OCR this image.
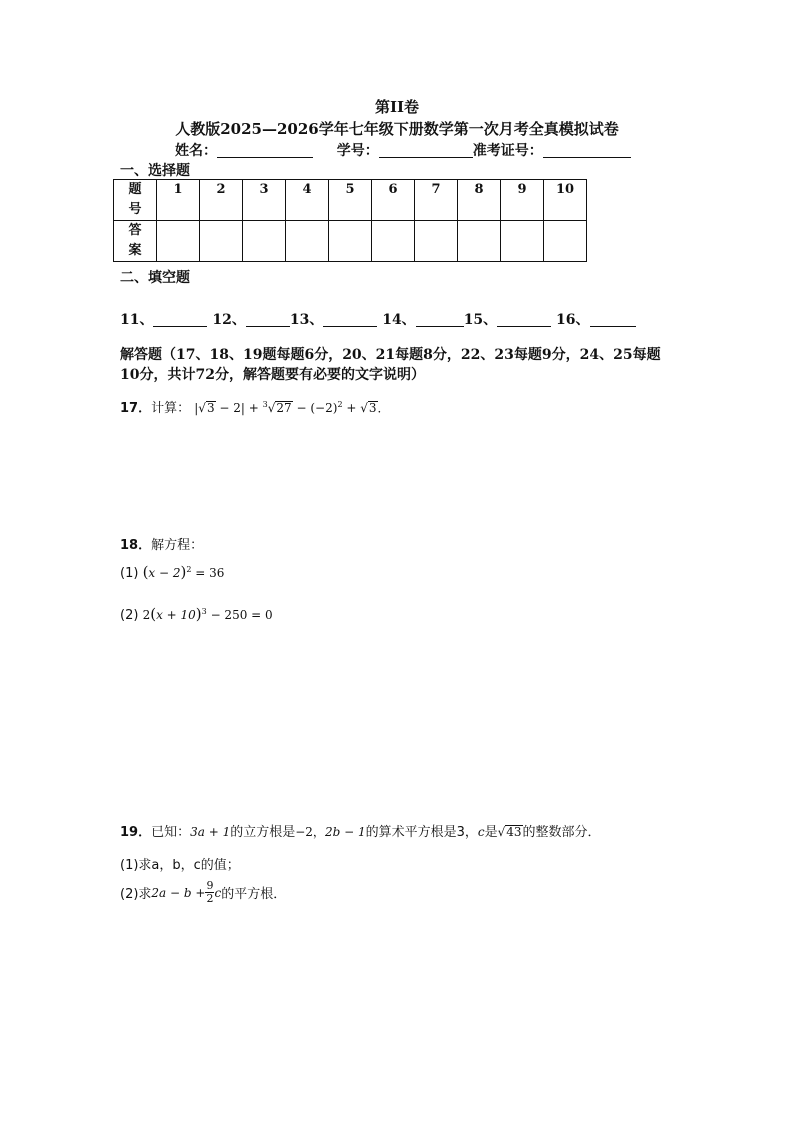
第II卷
人教版2025—2026学年七年级下册数学第一次月考全真模拟试卷
姓名：	学号：	准考证号：
一、选择题
题
号	1	2	3	4	5	6	7	8	9	10
答
案										
二、填空题
11、	12、	13、	14、	15、	16、
解答题（17、18、19题每题6分，20、21每题8分，22、23每题9分，24、25每题10分，共计72分，解答题要有必要的文字说明）
17．计算： $|√3 - 2| + ^3√27 - (-2)^2 + √3$．
18．解方程：
(1) $(x - 2)^2 = 36$
(2) $2(x + 10)^3 - 250 = 0$
19．已知：3a + 1的立方根是−2，2b − 1的算术平方根是3，c是√43的整数部分．
(1)求a，b，c的值；
(2)求$2a - b + \frac{9}{2}$ c的平方根．
